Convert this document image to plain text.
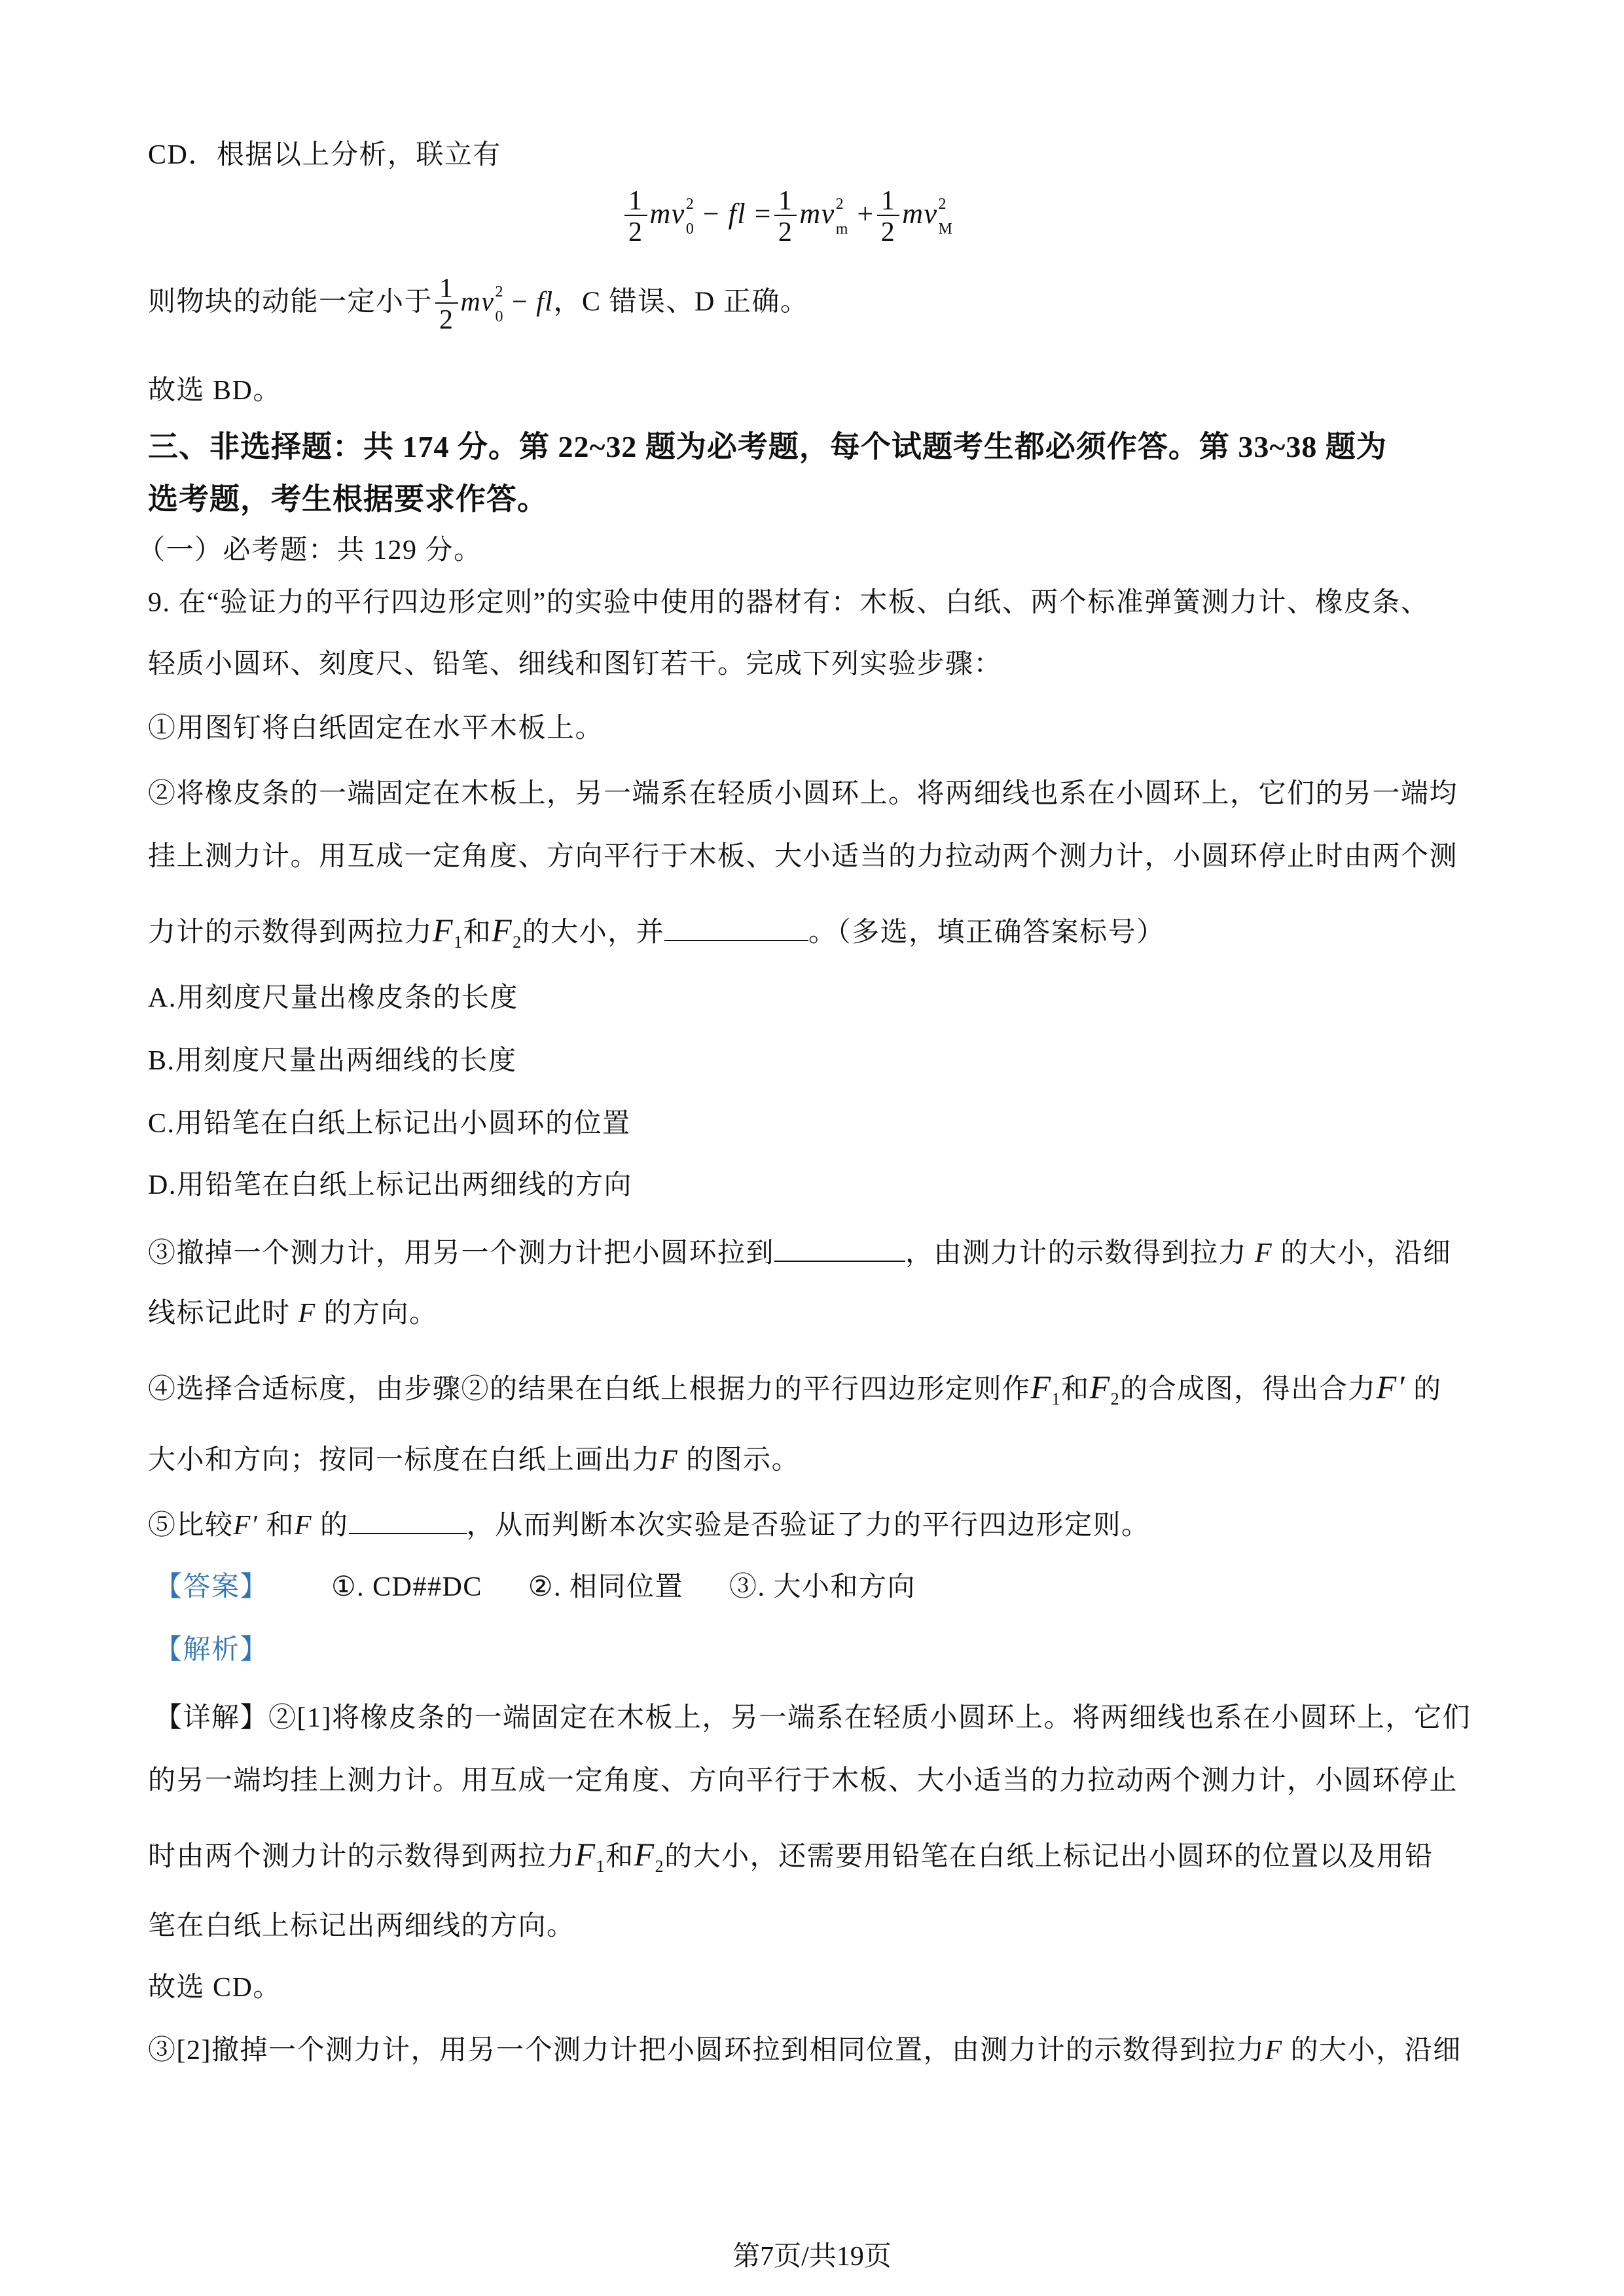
CD．根据以上分析，联立有
$\frac{1}{2}$ mv 2
0 − fl = $\frac{1}{2}$ mv 2
$m + \frac{1}{2}$ mv 2
M
则物块的动能一定小于 $\frac{1}{2}$ mv 2
0 − fl，C 错误、D 正确。
故选 BD。
三、非选择题：共 174 分。第 22~32 题为必考题，每个试题考生都必须作答。第 33~38 题为
选考题，考生根据要求作答。
（一）必考题：共 129 分。
9. 在“验证力的平行四边形定则”的实验中使用的器材有：木板、白纸、两个标准弹簧测力计、橡皮条、
轻质小圆环、刻度尺、铅笔、细线和图钉若干。完成下列实验步骤：
①用图钉将白纸固定在水平木板上。
②将橡皮条的一端固定在木板上，另一端系在轻质小圆环上。将两细线也系在小圆环上，它们的另一端均
挂上测力计。用互成一定角度、方向平行于木板、大小适当的力拉动两个测力计，小圆环停止时由两个测
力计的示数得到两拉力$F_1$和$F_2$的大小，并	。（多选，填正确答案标号）
A.用刻度尺量出橡皮条的长度
B.用刻度尺量出两细线的长度
C.用铅笔在白纸上标记出小圆环的位置
D.用铅笔在白纸上标记出两细线的方向
③撤掉一个测力计，用另一个测力计把小圆环拉到	，由测力计的示数得到拉力 F 的大小，沿细
线标记此时 F 的方向。
④选择合适标度，由步骤②的结果在白纸上根据力的平行四边形定则作$F_1$和$F_2$的合成图，得出合力F′ 的
大小和方向；按同一标度在白纸上画出力F 的图示。
⑤比较F′ 和F 的	，从而判断本次实验是否验证了力的平行四边形定则。
【答案】 ①. CD##DC ②. 相同位置 ③. 大小和方向
【解析】
【详解】②[1]将橡皮条的一端固定在木板上，另一端系在轻质小圆环上。将两细线也系在小圆环上，它们
的另一端均挂上测力计。用互成一定角度、方向平行于木板、大小适当的力拉动两个测力计，小圆环停止
时由两个测力计的示数得到两拉力$F_1$和$F_2$的大小，还需要用铅笔在白纸上标记出小圆环的位置以及用铅
笔在白纸上标记出两细线的方向。
故选 CD。
③[2]撤掉一个测力计，用另一个测力计把小圆环拉到相同位置，由测力计的示数得到拉力F 的大小，沿细
第7页/共19页
